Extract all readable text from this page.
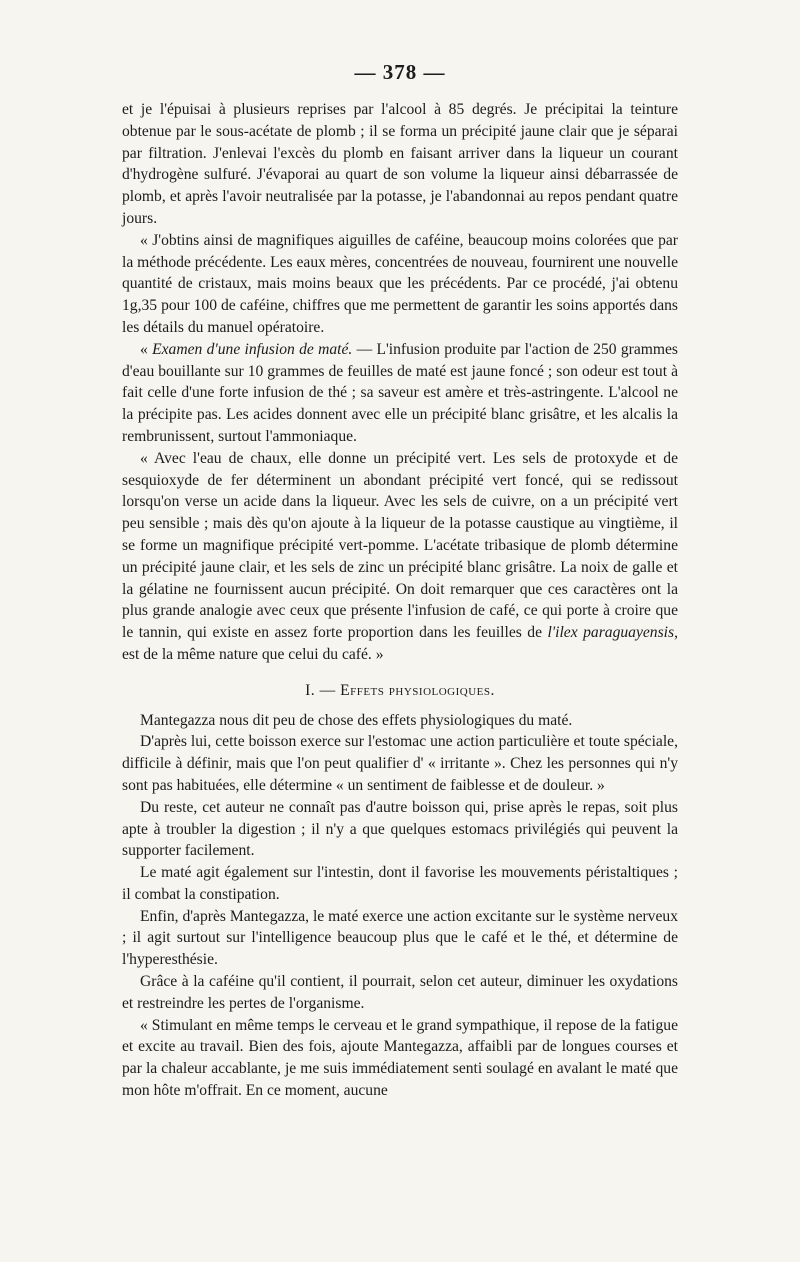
— 378 —

et je l'épuisai à plusieurs reprises par l'alcool à 85 degrés. Je précipitai la teinture obtenue par le sous-acétate de plomb ; il se forma un précipité jaune clair que je séparai par filtration. J'enlevai l'excès du plomb en faisant arriver dans la liqueur un courant d'hydrogène sulfuré. J'évaporai au quart de son volume la liqueur ainsi débarrassée de plomb, et après l'avoir neutralisée par la potasse, je l'abandonnai au repos pendant quatre jours.

« J'obtins ainsi de magnifiques aiguilles de caféine, beaucoup moins colorées que par la méthode précédente. Les eaux mères, concentrées de nouveau, fournirent une nouvelle quantité de cristaux, mais moins beaux que les précédents. Par ce procédé, j'ai obtenu 1g,35 pour 100 de caféine, chiffres que me permettent de garantir les soins apportés dans les détails du manuel opératoire.

« Examen d'une infusion de maté. — L'infusion produite par l'action de 250 grammes d'eau bouillante sur 10 grammes de feuilles de maté est jaune foncé ; son odeur est tout à fait celle d'une forte infusion de thé ; sa saveur est amère et très-astringente. L'alcool ne la précipite pas. Les acides donnent avec elle un précipité blanc grisâtre, et les alcalis la rembrunissent, surtout l'ammoniaque.

« Avec l'eau de chaux, elle donne un précipité vert. Les sels de protoxyde et de sesquioxyde de fer déterminent un abondant précipité vert foncé, qui se redissout lorsqu'on verse un acide dans la liqueur. Avec les sels de cuivre, on a un précipité vert peu sensible ; mais dès qu'on ajoute à la liqueur de la potasse caustique au vingtième, il se forme un magnifique précipité vert-pomme. L'acétate tribasique de plomb détermine un précipité jaune clair, et les sels de zinc un précipité blanc grisâtre. La noix de galle et la gélatine ne fournissent aucun précipité. On doit remarquer que ces caractères ont la plus grande analogie avec ceux que présente l'infusion de café, ce qui porte à croire que le tannin, qui existe en assez forte proportion dans les feuilles de l'ilex paraguayensis, est de la même nature que celui du café. »

I. — Effets physiologiques.

Mantegazza nous dit peu de chose des effets physiologiques du maté.

D'après lui, cette boisson exerce sur l'estomac une action particulière et toute spéciale, difficile à définir, mais que l'on peut qualifier d' « irritante ». Chez les personnes qui n'y sont pas habituées, elle détermine « un sentiment de faiblesse et de douleur. »

Du reste, cet auteur ne connaît pas d'autre boisson qui, prise après le repas, soit plus apte à troubler la digestion ; il n'y a que quelques estomacs privilégiés qui peuvent la supporter facilement.

Le maté agit également sur l'intestin, dont il favorise les mouvements péristaltiques ; il combat la constipation.

Enfin, d'après Mantegazza, le maté exerce une action excitante sur le système nerveux ; il agit surtout sur l'intelligence beaucoup plus que le café et le thé, et détermine de l'hyperesthésie.

Grâce à la caféine qu'il contient, il pourrait, selon cet auteur, diminuer les oxydations et restreindre les pertes de l'organisme.

« Stimulant en même temps le cerveau et le grand sympathique, il repose de la fatigue et excite au travail. Bien des fois, ajoute Mantegazza, affaibli par de longues courses et par la chaleur accablante, je me suis immédiatement senti soulagé en avalant le maté que mon hôte m'offrait. En ce moment, aucune
